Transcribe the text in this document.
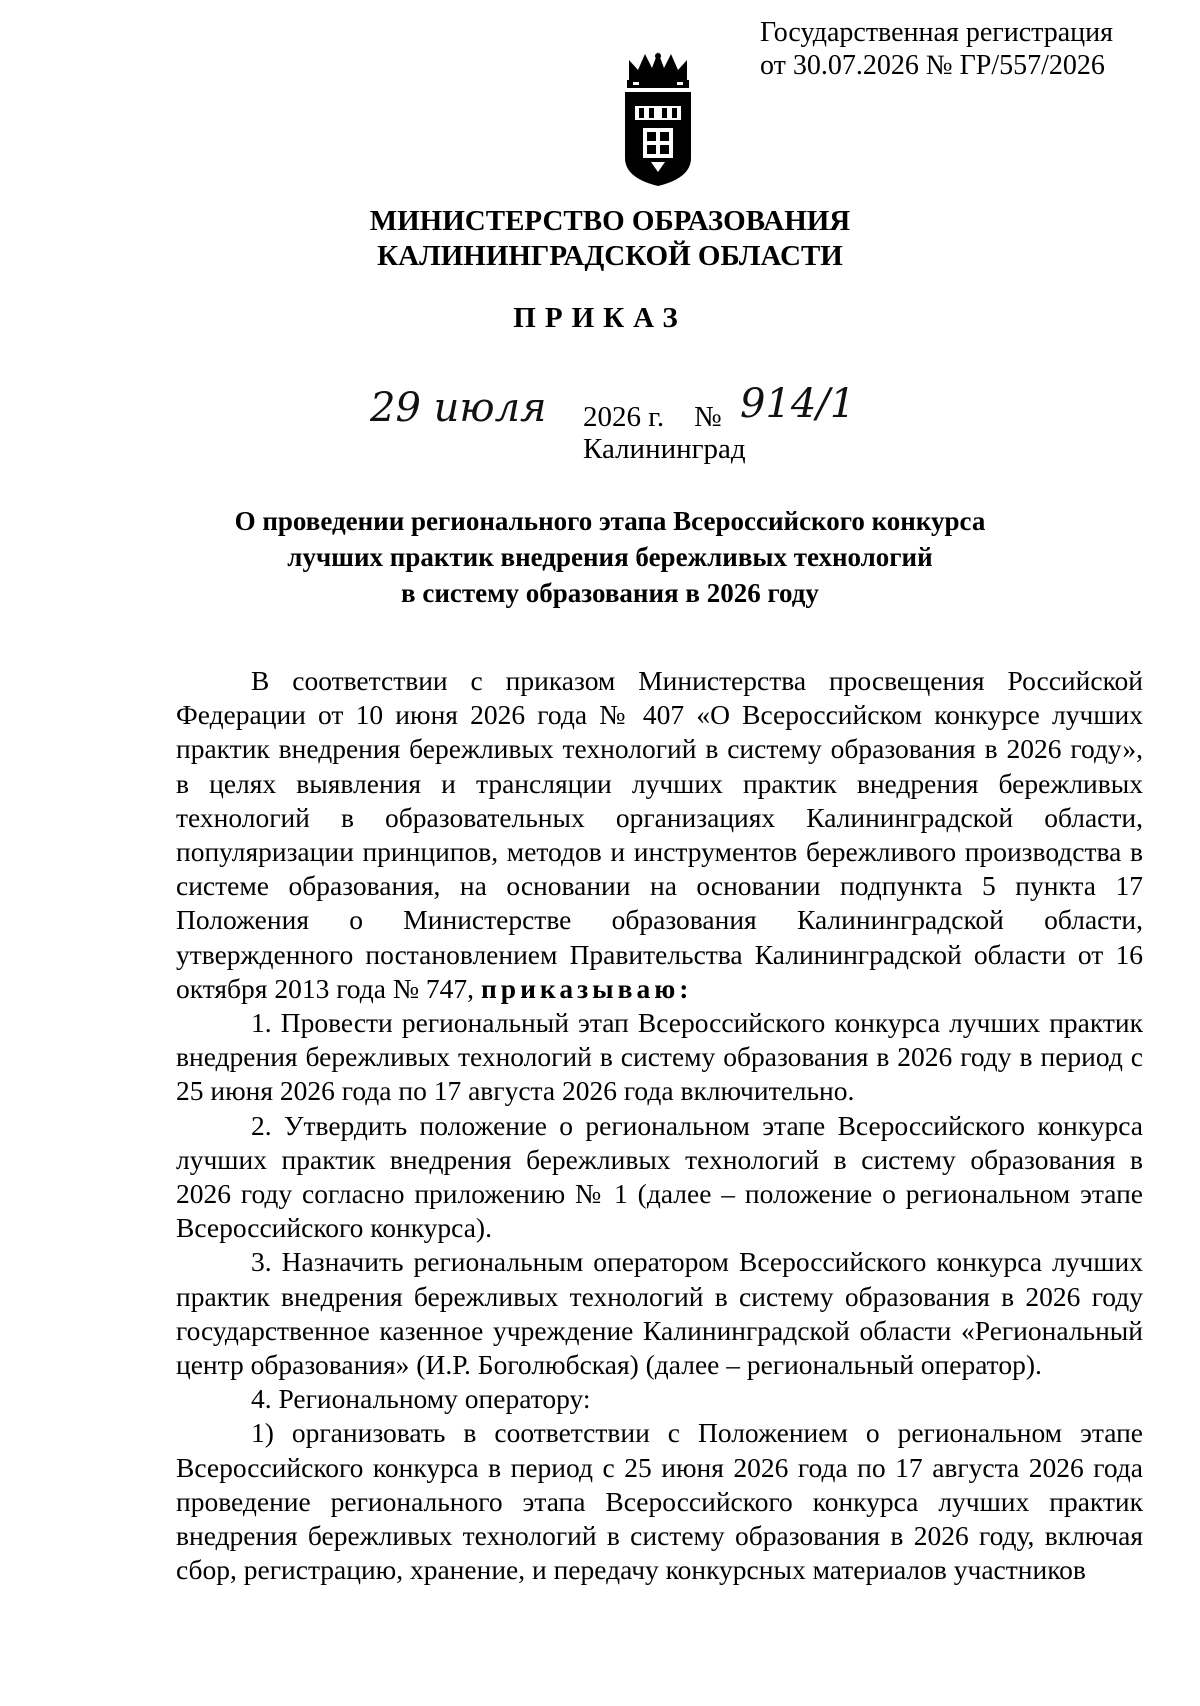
Государственная регистрация
от 30.07.2026 № ГР/557/2026
МИНИСТЕРСТВО ОБРАЗОВАНИЯ
КАЛИНИНГРАДСКОЙ ОБЛАСТИ
ПРИКАЗ
29 июля 2026 г. № 914/1
Калининград
О проведении регионального этапа Всероссийского конкурса
лучших практик внедрения бережливых технологий
в систему образования в 2026 году

В соответствии с приказом Министерства просвещения Российской Федерации от 10 июня 2026 года № 407 «О Всероссийском конкурсе лучших практик внедрения бережливых технологий в систему образования в 2026 году», в целях выявления и трансляции лучших практик внедрения бережливых технологий в образовательных организациях Калининградской области, популяризации принципов, методов и инструментов бережливого производства в системе образования, на основании на основании подпункта 5 пункта 17 Положения о Министерстве образования Калининградской области, утвержденного постановлением Правительства Калининградской области от 16 октября 2013 года № 747, приказываю:

1. Провести региональный этап Всероссийского конкурса лучших практик внедрения бережливых технологий в систему образования в 2026 году в период с 25 июня 2026 года по 17 августа 2026 года включительно.

2. Утвердить положение о региональном этапе Всероссийского конкурса лучших практик внедрения бережливых технологий в систему образования в 2026 году согласно приложению № 1 (далее – положение о региональном этапе Всероссийского конкурса).

3. Назначить региональным оператором Всероссийского конкурса лучших практик внедрения бережливых технологий в систему образования в 2026 году государственное казенное учреждение Калининградской области «Региональный центр образования» (И.Р. Боголюбская) (далее – региональный оператор).

4. Региональному оператору:

1) организовать в соответствии с Положением о региональном этапе Всероссийского конкурса в период с 25 июня 2026 года по 17 августа 2026 года проведение регионального этапа Всероссийского конкурса лучших практик внедрения бережливых технологий в систему образования в 2026 году, включая сбор, регистрацию, хранение, и передачу конкурсных материалов участников
